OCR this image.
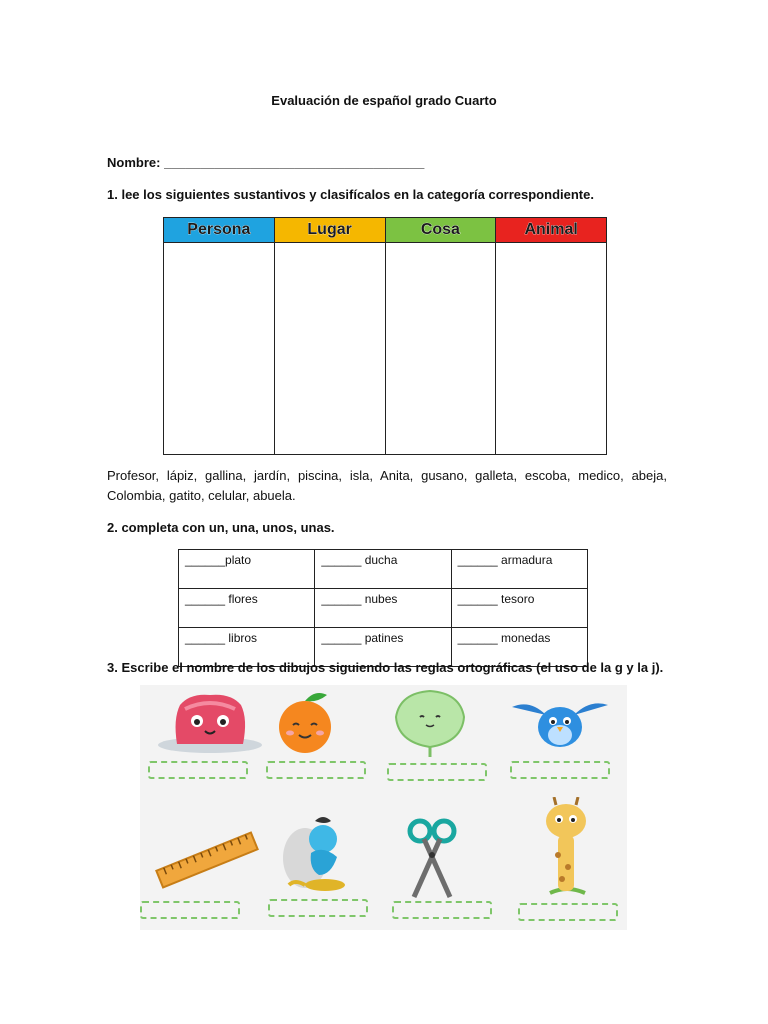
Evaluación de español grado Cuarto
Nombre: ____________________________________
1. lee los siguientes sustantivos y clasifícalos en la categoría correspondiente.
Persona	Lugar	Cosa	Animal
Profesor, lápiz, gallina, jardín, piscina, isla, Anita, gusano, galleta, escoba, medico, abeja,
Colombia, gatito, celular, abuela.
2. completa con un, una, unos, unas.
______plato	______ ducha	______ armadura
______ flores	______ nubes	______ tesoro
______ libros	______ patines	______ monedas
3. Escribe el nombre de los dibujos siguiendo las reglas ortográficas (el uso de la g y la j).
